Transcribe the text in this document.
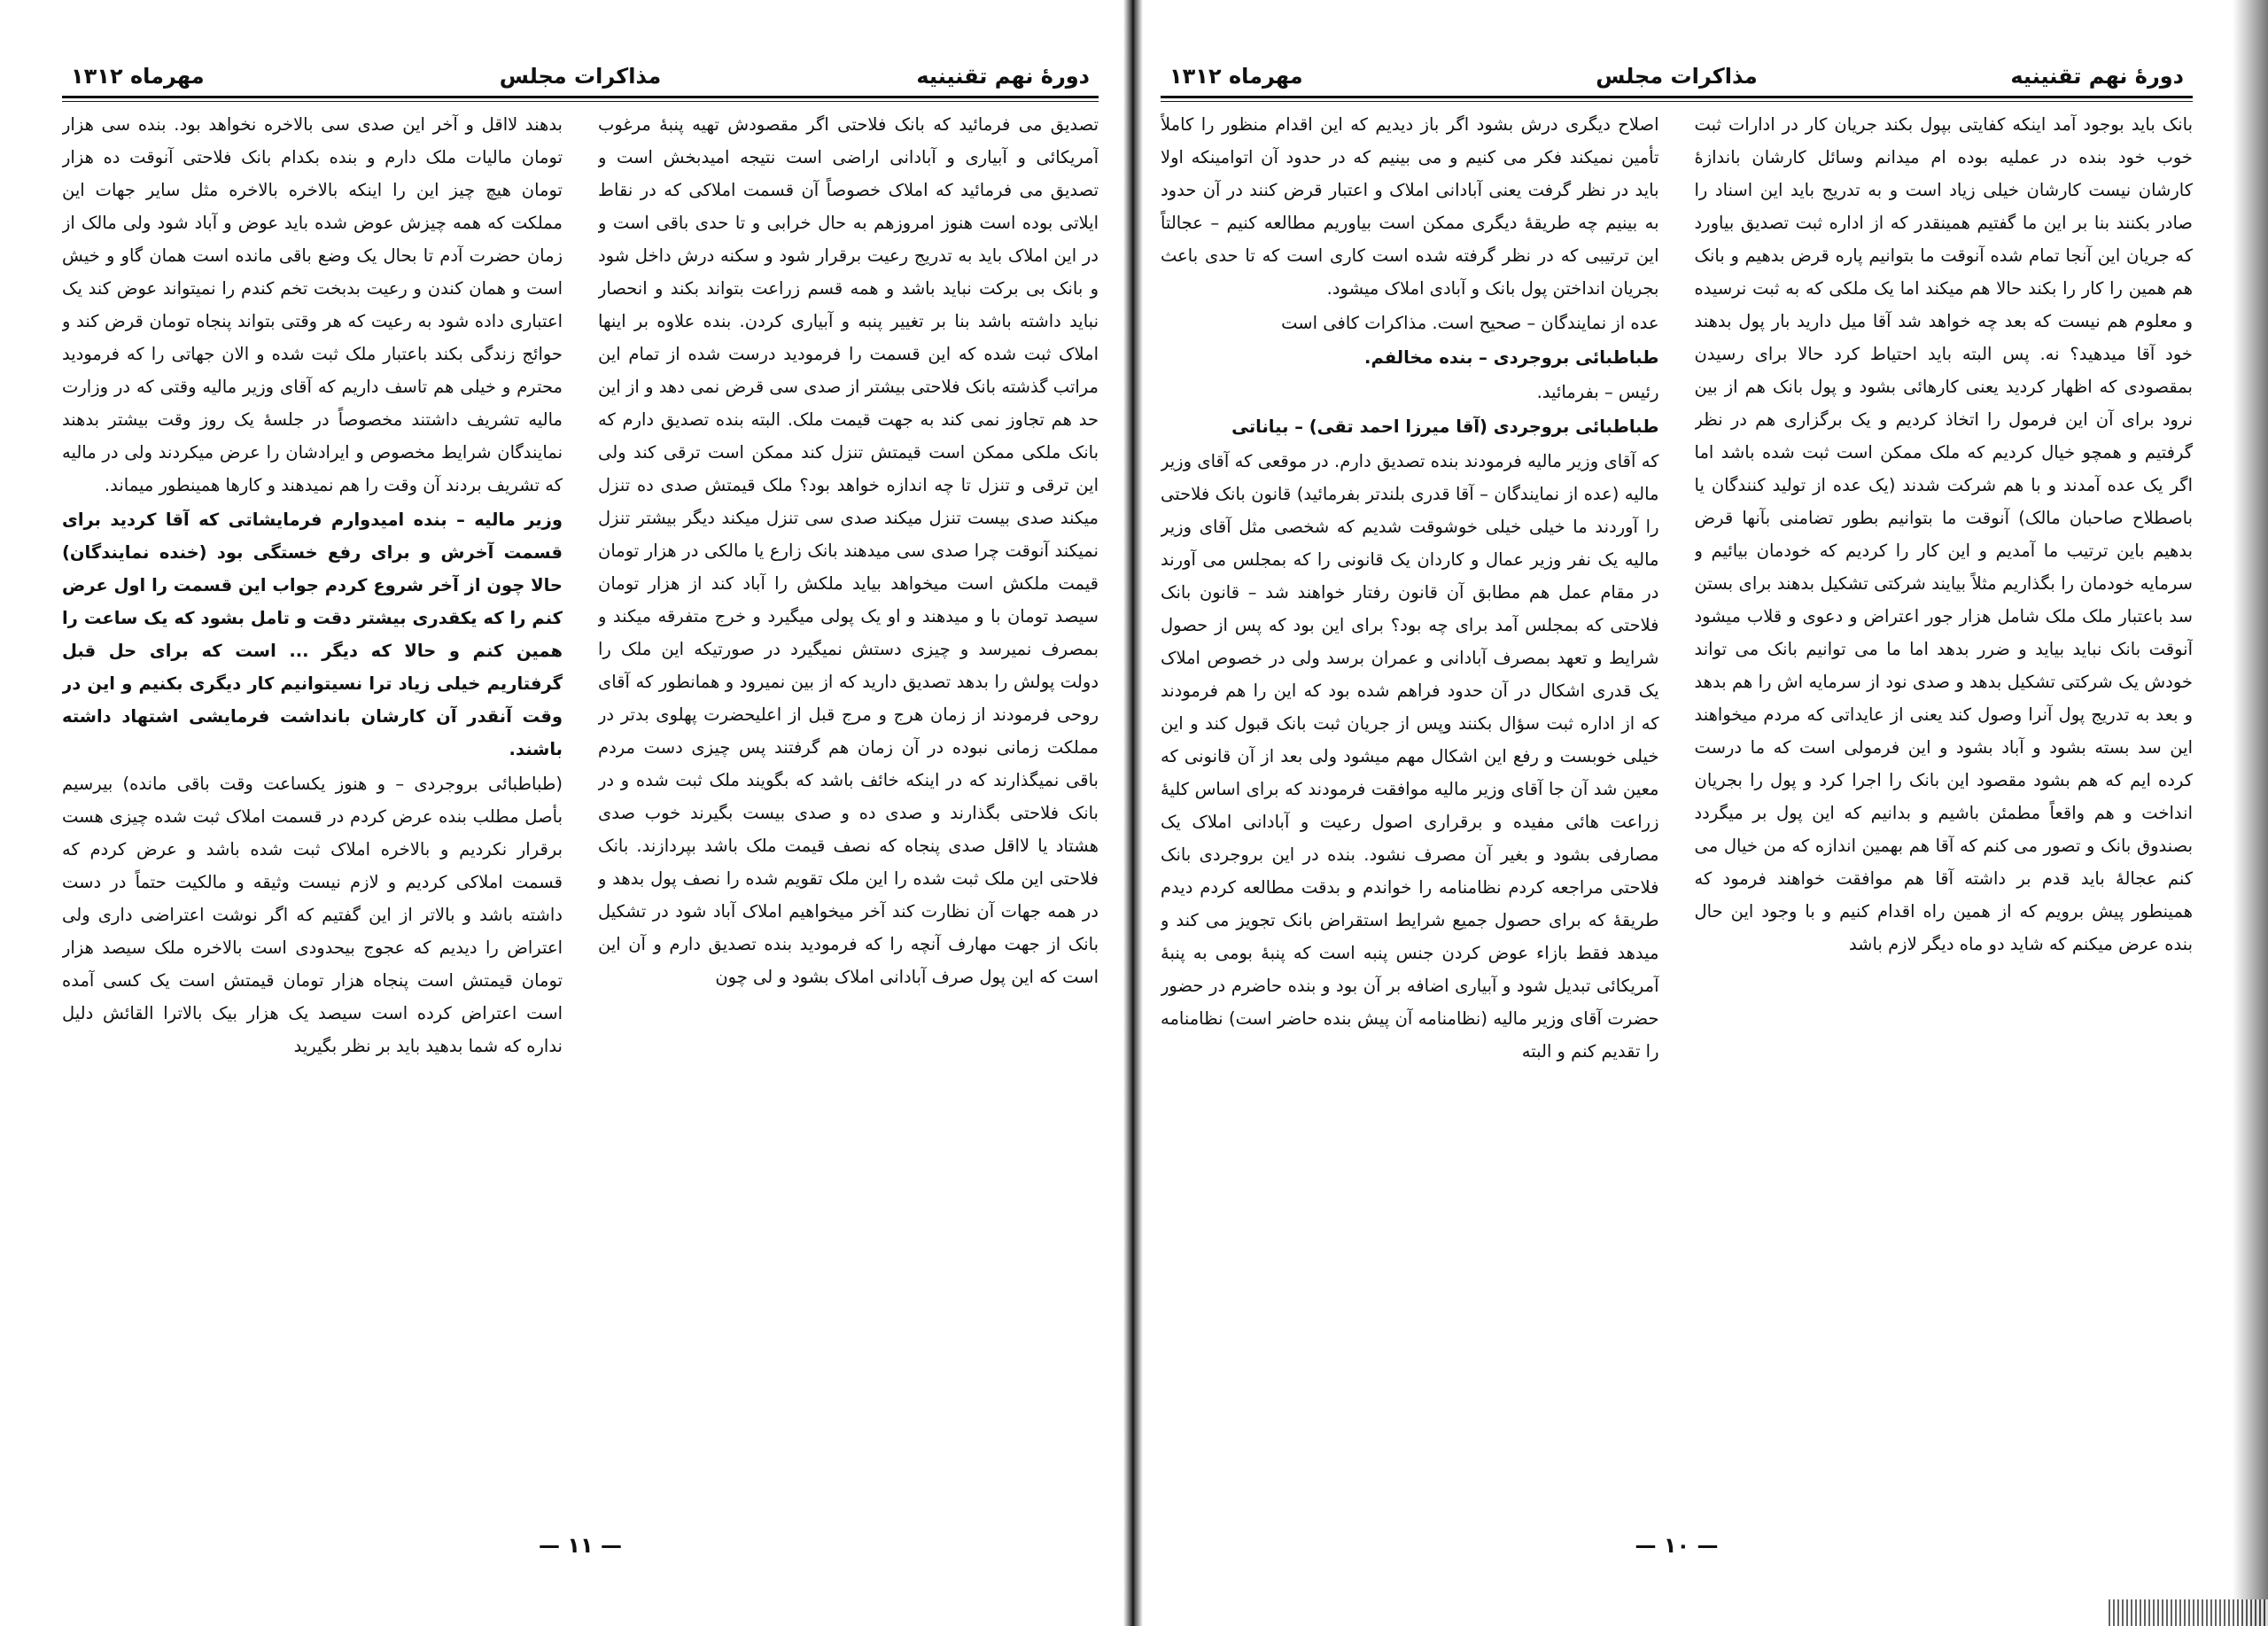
دورهٔ نهم تقنینیه
مذاکرات مجلس
مهرماه ۱۳۱۲

تصدیق می فرمائید که بانک فلاحتی اگر مقصودش تهیه پنبهٔ مرغوب آمریکائی و آبیاری و آبادانی اراضی است نتیجه امیدبخش است و تصدیق می فرمائید که املاک خصوصاً آن قسمت املاکی که در نقاط ایلاتی بوده است هنوز امروزهم به حال خرابی و تا حدی باقی است و در این املاک باید به تدریج رعیت برقرار شود و سکنه درش داخل شود و بانک بی برکت نباید باشد و همه قسم زراعت بتواند بکند و انحصار نباید داشته باشد بنا بر تغییر پنبه و آبیاری کردن. بنده علاوه بر اینها املاک ثبت شده که این قسمت را فرمودید درست شده از تمام این مراتب گذشته بانک فلاحتی بیشتر از صدی سی قرض نمی دهد و از این حد هم تجاوز نمی کند به جهت قیمت ملک. البته بنده تصدیق دارم که بانک ملکی ممکن است قیمتش تنزل کند ممکن است ترقی کند ولی این ترقی و تنزل تا چه اندازه خواهد بود؟ ملک قیمتش صدی ده تنزل میکند صدی بیست تنزل میکند صدی سی تنزل میکند دیگر بیشتر تنزل نمیکند آنوقت چرا صدی سی میدهند بانک زارع یا مالکی در هزار تومان قیمت ملکش است میخواهد بیاید ملکش را آباد کند از هزار تومان سیصد تومان با و میدهند و او یک پولی میگیرد و خرج متفرقه میکند و بمصرف نمیرسد و چیزی دستش نمیگیرد در صورتیکه این ملک را دولت پولش را بدهد تصدیق دارید که از بین نمیرود و همانطور که آقای روحی فرمودند از زمان هرج و مرج قبل از اعلیحضرت پهلوی بدتر در مملکت زمانی نبوده در آن زمان هم گرفتند پس چیزی دست مردم باقی نمیگذارند که در اینکه خائف باشد که بگویند ملک ثبت شده و در بانک فلاحتی بگذارند و صدی ده و صدی بیست بگیرند خوب صدی هشتاد یا لااقل صدی پنجاه که نصف قیمت ملک باشد بپردازند. بانک فلاحتی این ملک ثبت شده را این ملک تقویم شده را نصف پول بدهد و در همه جهات آن نظارت کند آخر میخواهیم املاک آباد شود در تشکیل بانک از جهت مهارف آنچه را که فرمودید بنده تصدیق دارم و آن این است که این پول صرف آبادانی املاک بشود و لی چون

بدهند لااقل و آخر این صدی سی بالاخره نخواهد بود. بنده سی هزار تومان مالیات ملک دارم و بنده بکدام بانک فلاحتی آنوقت ده هزار تومان هیچ چیز این را اینکه بالاخره بالاخره مثل سایر جهات این مملکت که همه چیزش عوض شده باید عوض و آباد شود ولی مالک از زمان حضرت آدم تا بحال یک وضع باقی مانده است همان گاو و خیش است و همان کندن و رعیت بدبخت تخم کندم را نمیتواند عوض کند یک اعتباری داده شود به رعیت که هر وقتی بتواند پنجاه تومان قرض کند و حوائج زندگی بکند باعتبار ملک ثبت شده و الان جهاتی را که فرمودید محترم و خیلی هم تاسف داریم که آقای وزیر مالیه وقتی که در وزارت مالیه تشریف داشتند مخصوصاً در جلسهٔ یک روز وقت بیشتر بدهند نمایندگان شرایط مخصوص و ایرادشان را عرض میکردند ولی در مالیه که تشریف بردند آن وقت را هم نمیدهند و کارها همینطور میماند.

وزیر مالیه – بنده امیدوارم فرمایشاتی که آقا کردید برای قسمت آخرش و برای رفع خستگی بود (خنده نمایندگان) حالا چون از آخر شروع کردم جواب این قسمت را اول عرض کنم را که یکقدری بیشتر دقت و تامل بشود که یک ساعت را همین کنم و حالا که دیگر ... است که برای حل قبل گرفتاریم خیلی زیاد ترا نسیتوانیم کار دیگری بکنیم و این در وقت آنقدر آن کارشان بانداشت فرمایشی اشتهاد داشته باشند.

(طباطبائی بروجردی – و هنوز یکساعت وقت باقی مانده) بیرسیم بأصل مطلب بنده عرض کردم در قسمت املاک ثبت شده چیزی هست برقرار نکردیم و بالاخره املاک ثبت شده باشد و عرض کردم که قسمت املاکی کردیم و لازم نیست وثیقه و مالکیت حتماً در دست داشته باشد و بالاتر از این گفتیم که اگر نوشت اعتراضی داری ولی اعتراض را دیدیم که عجوج بیحدودی است بالاخره ملک سیصد هزار تومان قیمتش است پنجاه هزار تومان قیمتش است یک کسی آمده است اعتراض کرده است سیصد یک هزار بیک بالاترا القائش دلیل نداره که شما بدهید باید بر نظر بگیرید

— ۱۱ —
دورهٔ نهم تقنینیه
مذاکرات مجلس
مهرماه ۱۳۱۲

بانک باید بوجود آمد اینکه کفایتی بپول بکند جریان کار در ادارات ثبت خوب خود بنده در عملیه بوده ام میدانم وسائل کارشان باندازهٔ کارشان نیست کارشان خیلی زیاد است و به تدریج باید این اسناد را صادر بکنند بنا بر این ما گفتیم همینقدر که از اداره ثبت تصدیق بیاورد که جریان این آنجا تمام شده آنوقت ما بتوانیم پاره قرض بدهیم و بانک هم همین را کار را بکند حالا هم میکند اما یک ملکی که به ثبت نرسیده و معلوم هم نیست که بعد چه خواهد شد آقا میل دارید بار پول بدهند خود آقا میدهید؟ نه. پس البته باید احتیاط کرد حالا برای رسیدن بمقصودی که اظهار کردید یعنی کارهائی بشود و پول بانک هم از بین نرود برای آن این فرمول را اتخاذ کردیم و یک برگزاری هم در نظر گرفتیم و همچو خیال کردیم که ملک ممکن است ثبت شده باشد اما اگر یک عده آمدند و با هم شرکت شدند (یک عده از تولید کنندگان یا باصطلاح صاحبان مالک) آنوقت ما بتوانیم بطور تضامنی بآنها قرض بدهیم باین ترتیب ما آمدیم و این کار را کردیم که خودمان بیائیم و سرمایه خودمان را بگذاریم مثلاً بیایند شرکتی تشکیل بدهند برای بستن سد باعتبار ملک ملک شامل هزار جور اعتراض و دعوی و قلاب میشود آنوقت بانک نباید بیاید و ضرر بدهد اما ما می توانیم بانک می تواند خودش یک شرکتی تشکیل بدهد و صدی نود از سرمایه اش را هم بدهد و بعد به تدریج پول آنرا وصول کند یعنی از عایداتی که مردم میخواهند این سد بسته بشود و آباد بشود و این فرمولی است که ما درست کرده ایم که هم بشود مقصود این بانک را اجرا کرد و پول را بجریان انداخت و هم واقعاً مطمئن باشیم و بدانیم که این پول بر میگردد بصندوق بانک و تصور می کنم که آقا هم بهمین اندازه که من خیال می کنم عجالهٔ باید قدم بر داشته آقا هم موافقت خواهند فرمود که همینطور پیش برویم که از همین راه اقدام کنیم و با وجود این حال بنده عرض میکنم که شاید دو ماه دیگر لازم باشد

اصلاح دیگری درش بشود اگر باز دیدیم که این اقدام منظور را کاملاً تأمین نمیکند فکر می کنیم و می بینیم که در حدود آن اتوامینکه اولا باید در نظر گرفت یعنی آبادانی املاک و اعتبار قرض کنند در آن حدود به بینیم چه طریقهٔ دیگری ممکن است بیاوریم مطالعه کنیم – عجالتاً این ترتیبی که در نظر گرفته شده است کاری است که تا حدی باعث بجریان انداختن پول بانک و آبادی املاک میشود.

عده از نمایندگان – صحیح است. مذاکرات کافی است

طباطبائی بروجردی – بنده مخالفم.

رئیس – بفرمائید.

طباطبائی بروجردی (آقا میرزا احمد تقی) – بیاناتی

که آقای وزیر مالیه فرمودند بنده تصدیق دارم. در موقعی که آقای وزیر مالیه (عده از نمایندگان – آقا قدری بلندتر بفرمائید) قانون بانک فلاحتی را آوردند ما خیلی خیلی خوشوقت شدیم که شخصی مثل آقای وزیر مالیه یک نفر وزیر عمال و کاردان یک قانونی را که بمجلس می آورند در مقام عمل هم مطابق آن قانون رفتار خواهند شد – قانون بانک فلاحتی که بمجلس آمد برای چه بود؟ برای این بود که پس از حصول شرایط و تعهد بمصرف آبادانی و عمران برسد ولی در خصوص املاک یک قدری اشکال در آن حدود فراهم شده بود که این را هم فرمودند که از اداره ثبت سؤال بکنند وپس از جریان ثبت بانک قبول کند و این خیلی خوبست و رفع این اشکال مهم میشود ولی بعد از آن قانونی که معین شد آن جا آقای وزیر مالیه موافقت فرمودند که برای اساس کلیهٔ زراعت هائی مفیده و برقراری اصول رعیت و آبادانی املاک یک مصارفی بشود و بغیر آن مصرف نشود. بنده در این بروجردی بانک فلاحتی مراجعه کردم نظامنامه را خواندم و بدقت مطالعه کردم دیدم طریقهٔ که برای حصول جمیع شرایط استقراض بانک تجویز می کند و میدهد فقط بازاء عوض کردن جنس پنبه است که پنبهٔ بومی به پنبهٔ آمریکائی تبدیل شود و آبیاری اضافه بر آن بود و بنده حاضرم در حضور حضرت آقای وزیر مالیه (نظامنامه آن پیش بنده حاضر است) نظامنامه را تقدیم کنم و البته

— ۱۰ —
